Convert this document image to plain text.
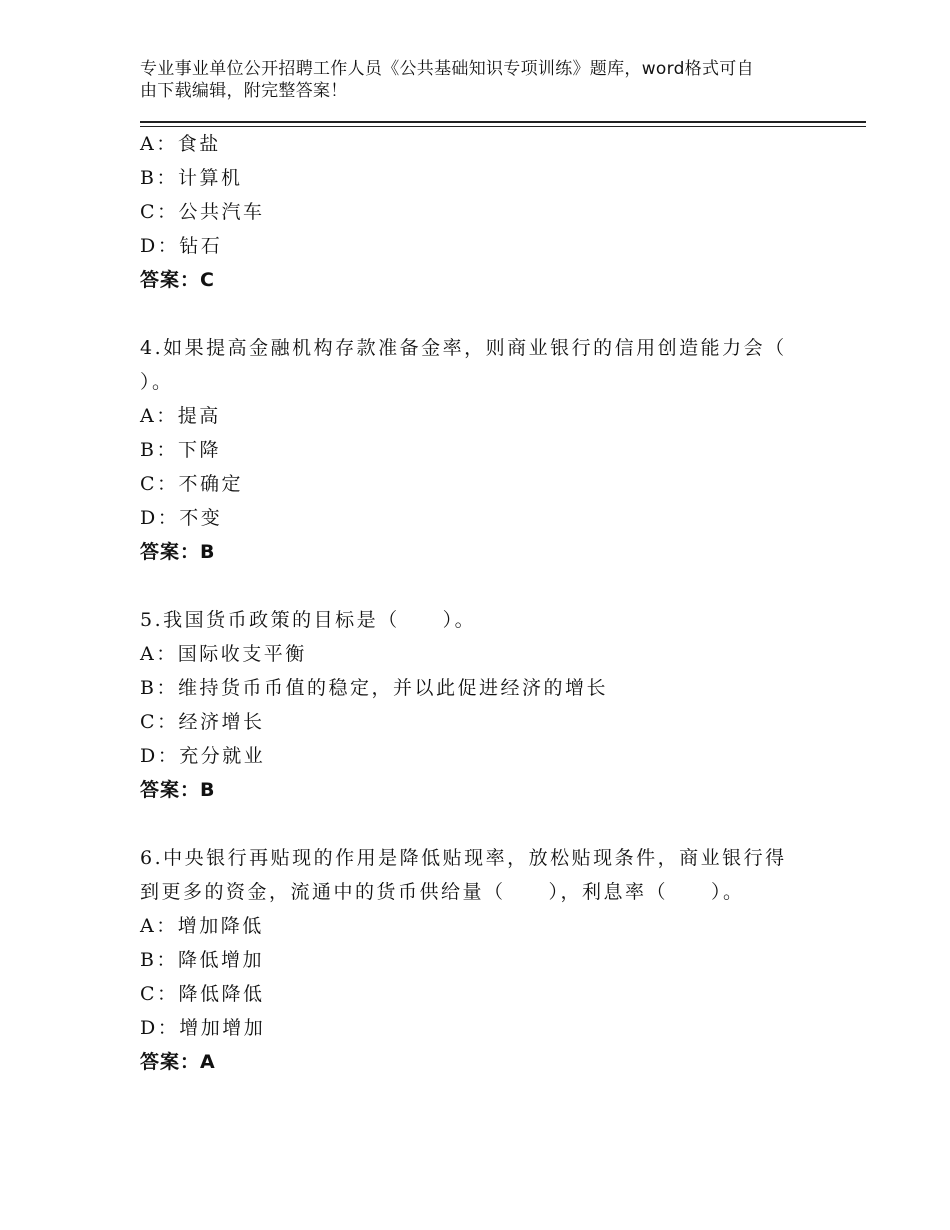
专业事业单位公开招聘工作人员《公共基础知识专项训练》题库，word格式可自
由下载编辑，附完整答案！
A：食盐
B：计算机
C：公共汽车
D：钻石
答案：C
4.如果提高金融机构存款准备金率，则商业银行的信用创造能力会（
）。
A：提高
B：下降
C：不确定
D：不变
答案：B
5.我国货币政策的目标是（　　）。
A：国际收支平衡
B：维持货币币值的稳定，并以此促进经济的增长
C：经济增长
D：充分就业
答案：B
6.中央银行再贴现的作用是降低贴现率，放松贴现条件，商业银行得
到更多的资金，流通中的货币供给量（　　），利息率（　　）。
A：增加降低
B：降低增加
C：降低降低
D：增加增加
答案：A
